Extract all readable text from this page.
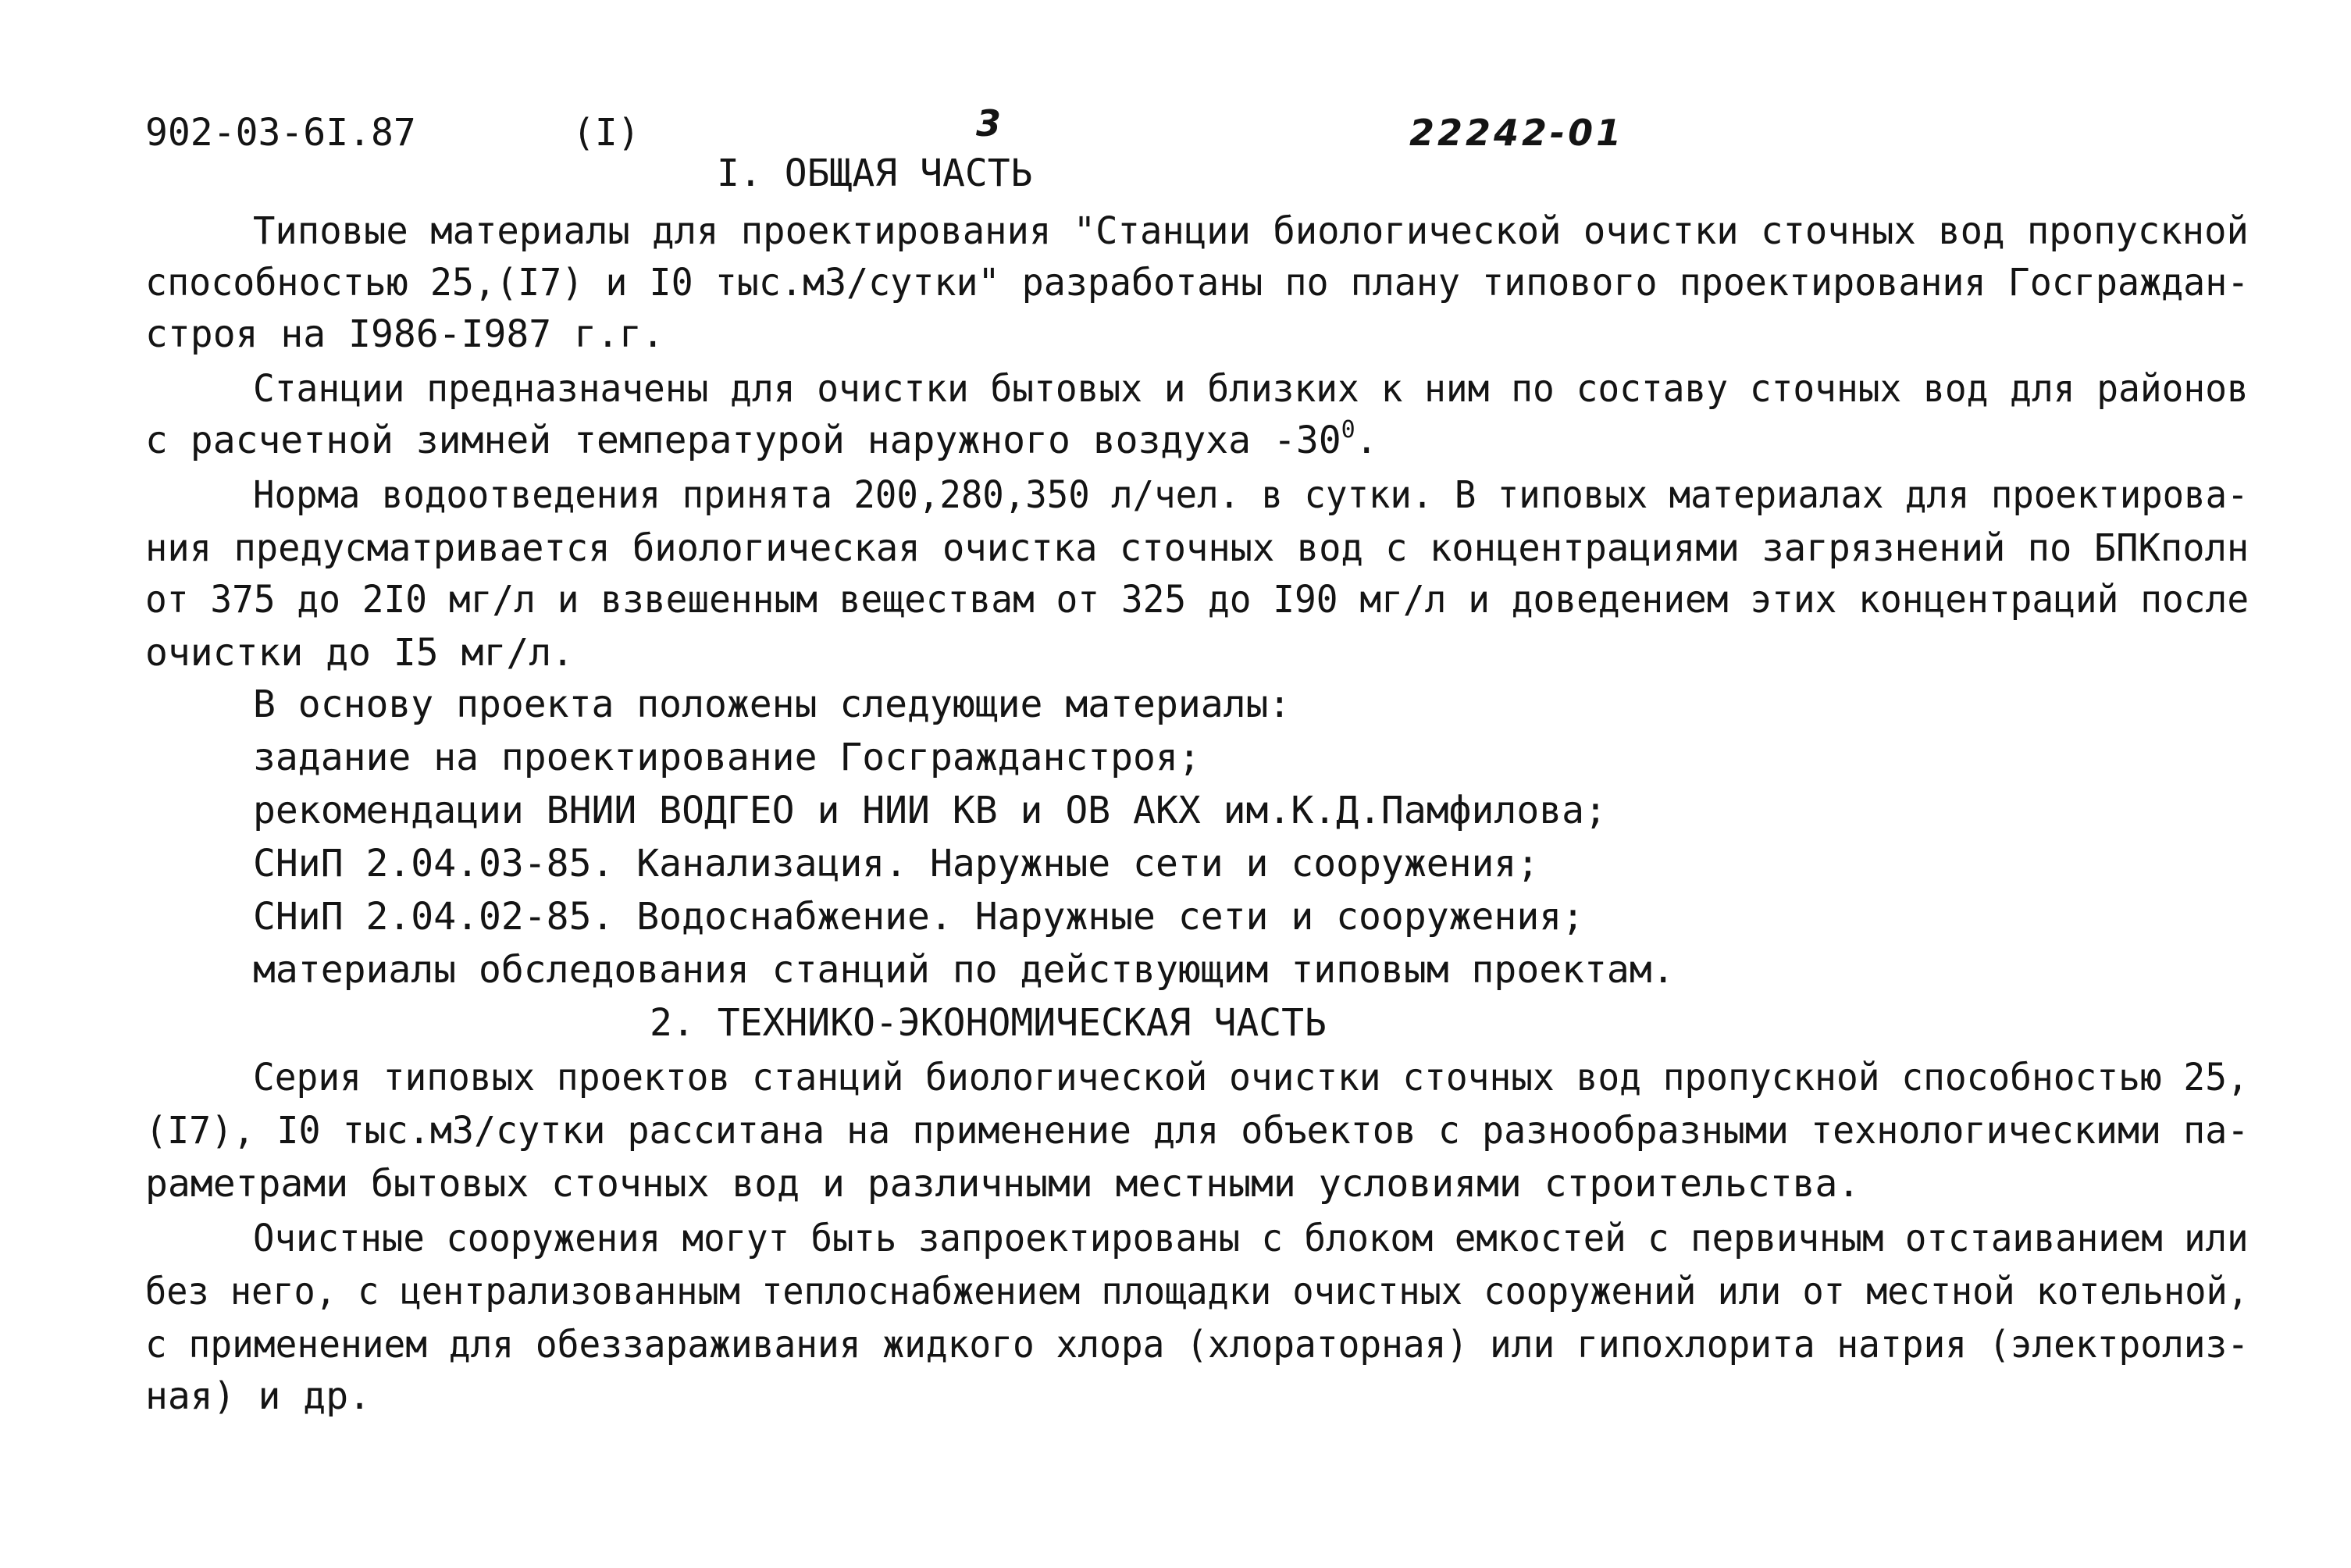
902-03-6I.87	(I)	3	22242-01
I. ОБЩАЯ ЧАСТЬ
Типовые материалы для проектирования "Станции биологической очистки сточных вод пропускной
способностью 25,(I7) и I0 тыс.м3/сутки" разработаны по плану типового проектирования Госграждан-
строя на I986-I987 г.г.
Станции предназначены для очистки бытовых и близких к ним по составу сточных вод для районов
с расчетной зимней температурой наружного воздуха $-30^0$.
Норма водоотведения принята 200,280,350 л/чел. в сутки. В типовых материалах для проектирова-
ния предусматривается биологическая очистка сточных вод с концентрациями загрязнений по БПКполн
от 375 до 2I0 мг/л и взвешенным веществам от 325 до I90 мг/л и доведением этих концентраций после
очистки до I5 мг/л.
В основу проекта положены следующие материалы:
задание на проектирование Госгражданстроя;
рекомендации ВНИИ ВОДГЕО и НИИ КВ и ОВ АКХ им.К.Д.Памфилова;
СНиП 2.04.03-85. Канализация. Наружные сети и сооружения;
СНиП 2.04.02-85. Водоснабжение. Наружные сети и сооружения;
материалы обследования станций по действующим типовым проектам.
2. ТЕХНИКО-ЭКОНОМИЧЕСКАЯ ЧАСТЬ
Серия типовых проектов станций биологической очистки сточных вод пропускной способностью 25,
(I7), I0 тыс.м3/сутки расситана на применение для объектов с разнообразными технологическими па-
раметрами бытовых сточных вод и различными местными условиями строительства.
Очистные сооружения могут быть запроектированы с блоком емкостей с первичным отстаиванием или
без него, с централизованным теплоснабжением площадки очистных сооружений или от местной котельной,
с применением для обеззараживания жидкого хлора (хлораторная) или гипохлорита натрия (электролиз-
ная) и др.
